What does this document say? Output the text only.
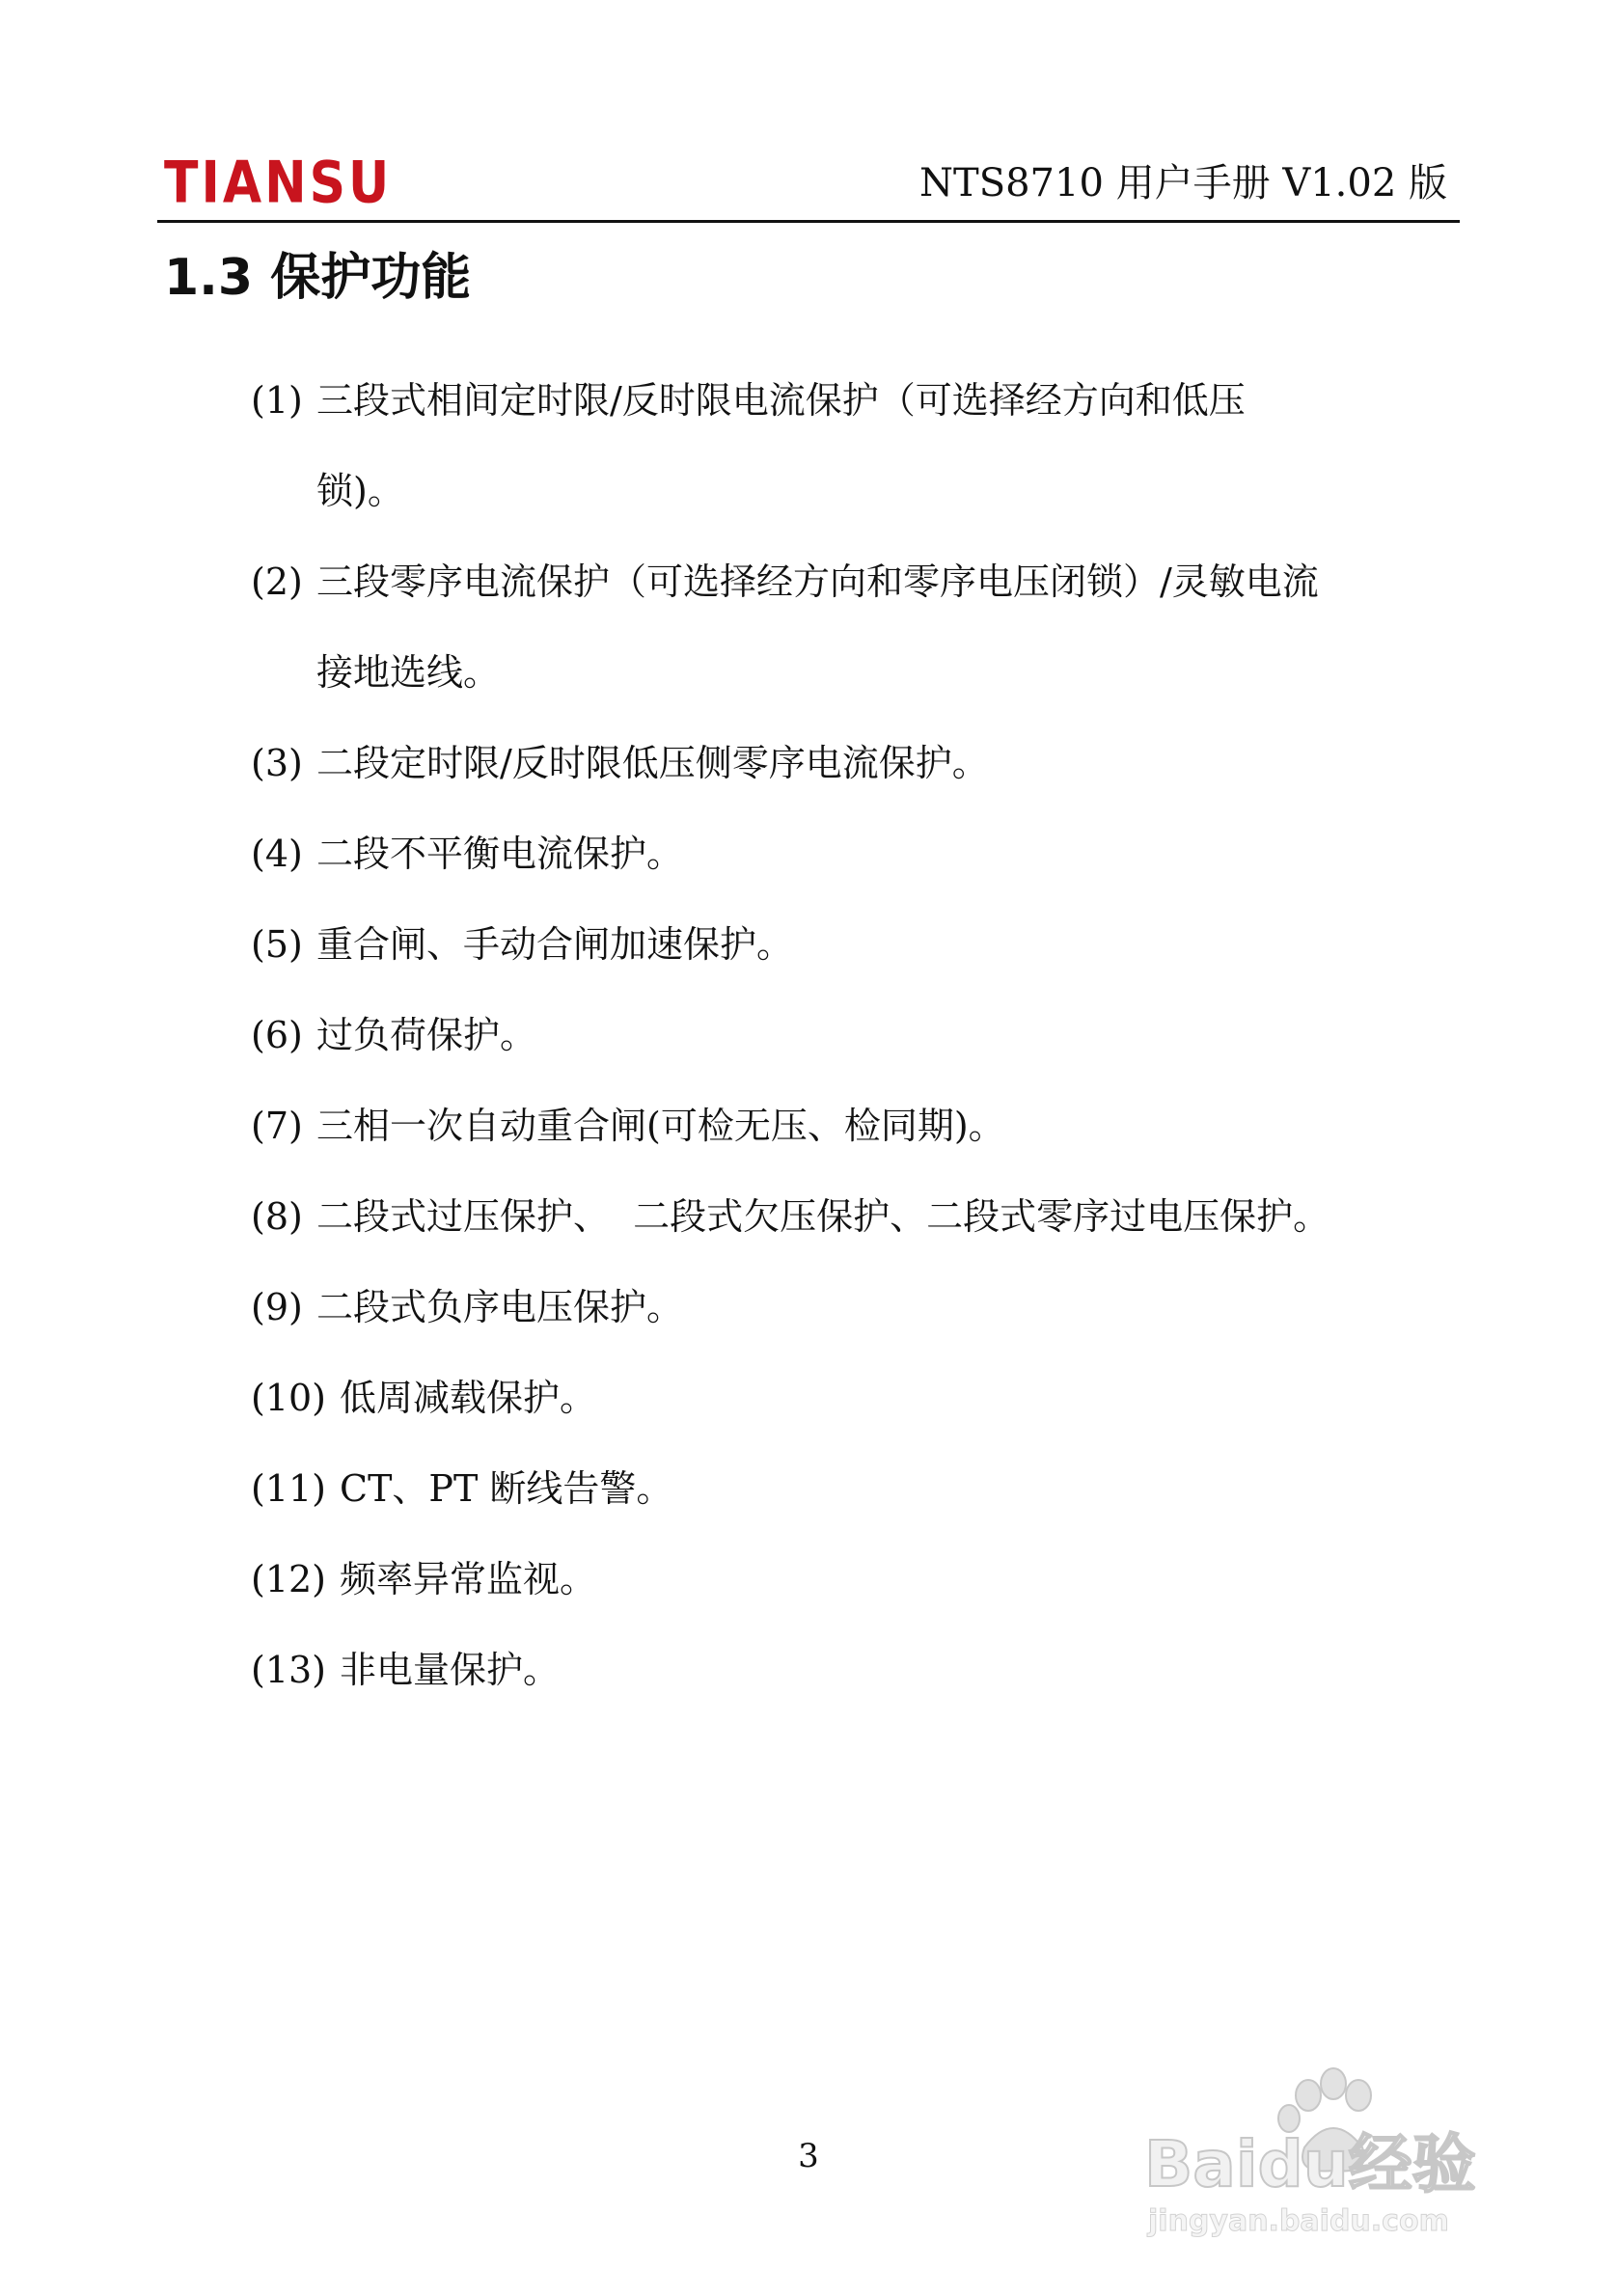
TIANSU	NTS8710 用户手册 V1.02 版
1.3 保护功能
(1) 三段式相间定时限/反时限电流保护（可选择经方向和低压
锁)。
(2) 三段零序电流保护（可选择经方向和零序电压闭锁）/灵敏电流
接地选线。
(3) 二段定时限/反时限低压侧零序电流保护。
(4) 二段不平衡电流保护。
(5) 重合闸、手动合闸加速保护。
(6) 过负荷保护。
(7) 三相一次自动重合闸(可检无压、检同期)。
(8) 二段式过压保护、  二段式欠压保护、二段式零序过电压保护。
(9) 二段式负序电压保护。
(10) 低周减载保护。
(11) CT、PT 断线告警。
(12) 频率异常监视。
(13) 非电量保护。
3	Baidu经验
jingyan.baidu.com
